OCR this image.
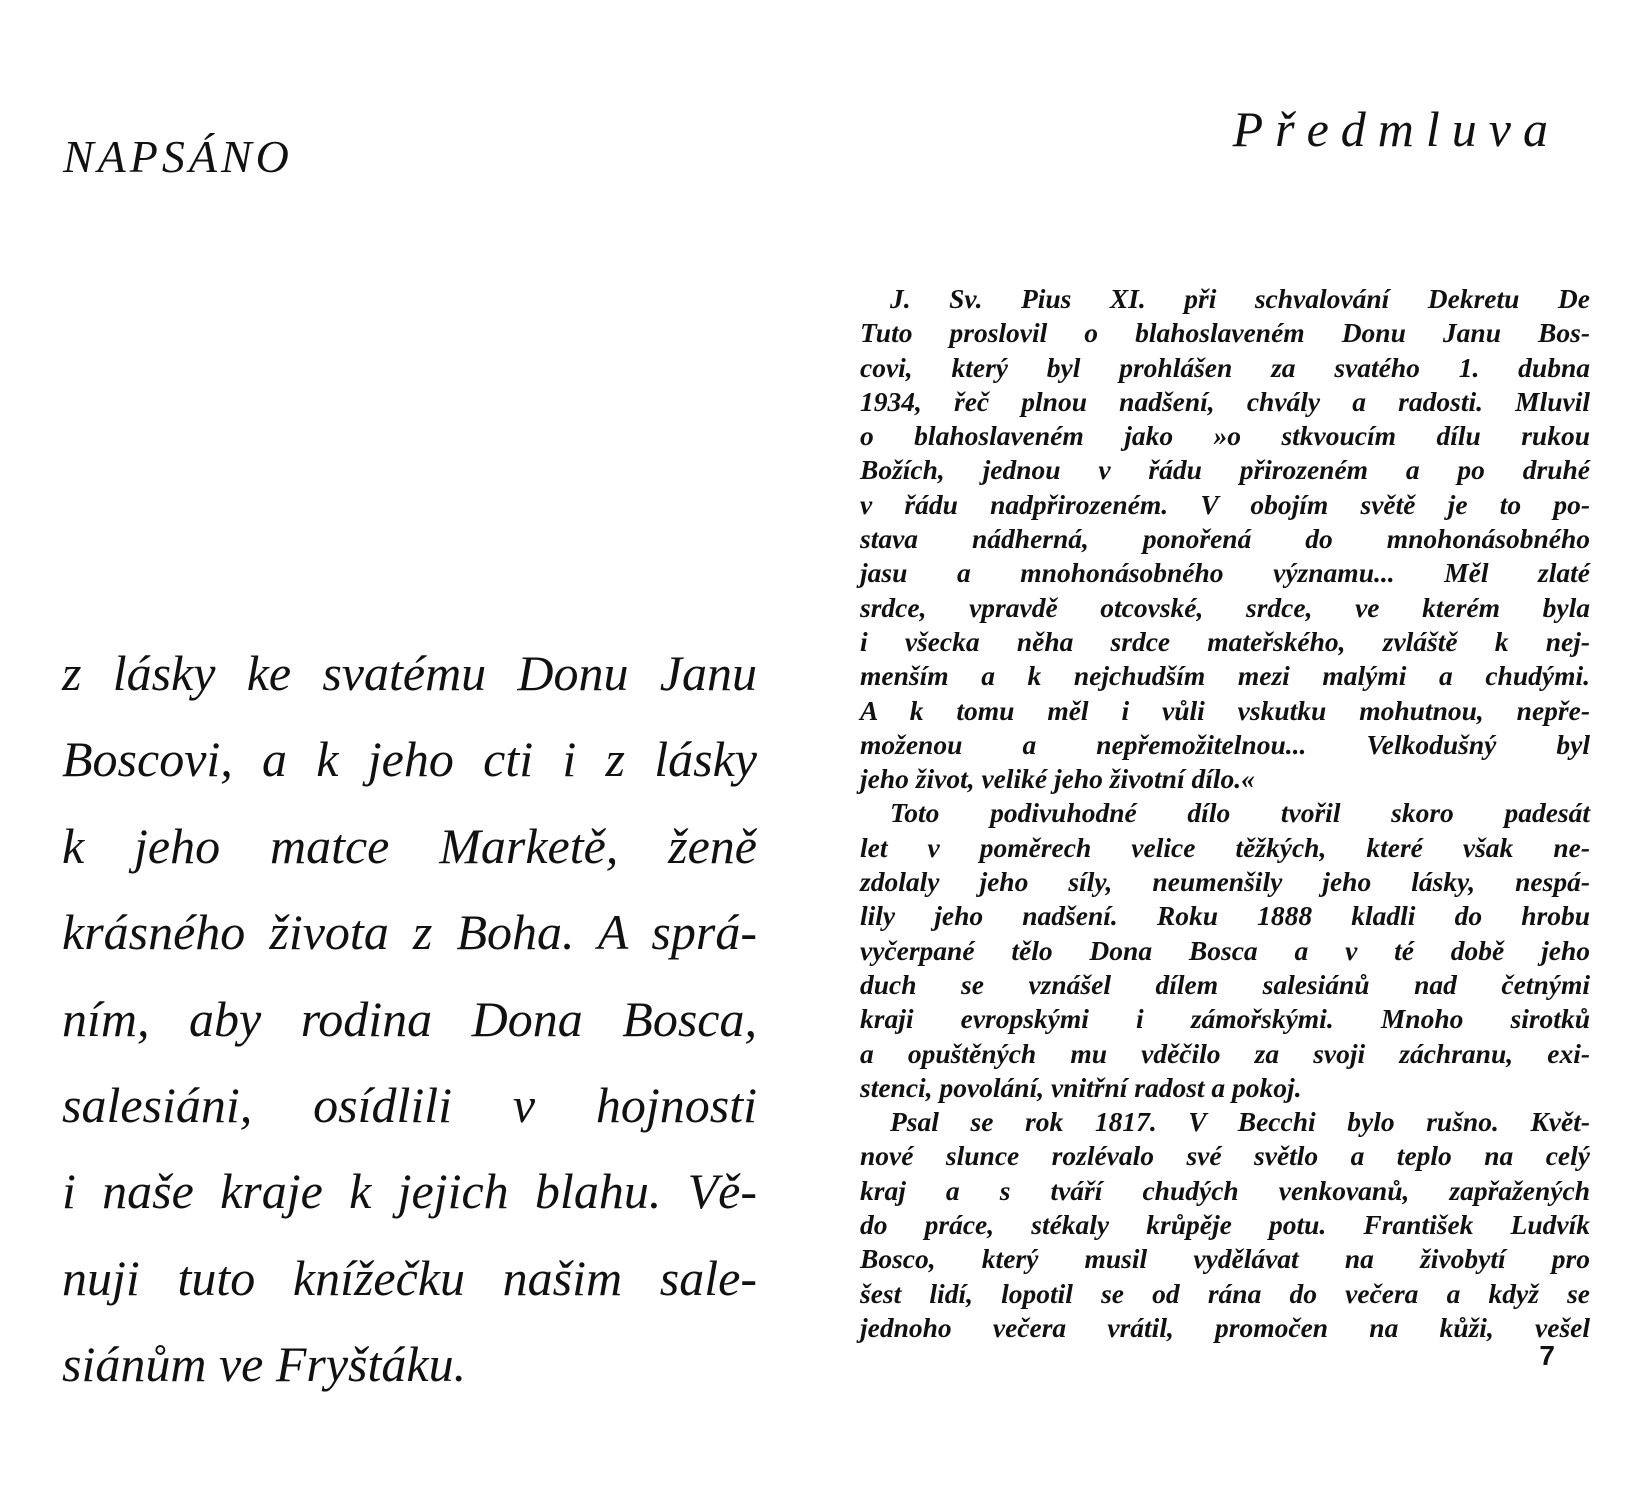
NAPSÁNO

z lásky ke svatému Donu Janu
Boscovi, a k jeho cti i z lásky
k jeho matce Marketě, ženě
krásného života z Boha. A sprá-
ním, aby rodina Dona Bosca,
salesiáni, osídlili v hojnosti
i naše kraje k jejich blahu. Vě-
nuji tuto knížečku našim sale-
siánům ve Fryštáku.

Předmluva
J. Sv. Pius XI. při schvalování Dekretu De
Tuto proslovil o blahoslaveném Donu Janu Bos-
covi, který byl prohlášen za svatého 1. dubna
1934, řeč plnou nadšení, chvály a radosti. Mluvil
o blahoslaveném jako »o stkvoucím dílu rukou
Božích, jednou v řádu přirozeném a po druhé
v řádu nadpřirozeném. V obojím světě je to po-
stava nádherná, ponořená do mnohonásobného
jasu a mnohonásobného významu... Měl zlaté
srdce, vpravdě otcovské, srdce, ve kterém byla
i všecka něha srdce mateřského, zvláště k nej-
menším a k nejchudším mezi malými a chudými.
A k tomu měl i vůli vskutku mohutnou, nepře-
moženou a nepřemožitelnou... Velkodušný byl
jeho život, veliké jeho životní dílo.«
Toto podivuhodné dílo tvořil skoro padesát
let v poměrech velice těžkých, které však ne-
zdolaly jeho síly, neumenšily jeho lásky, nespá-
lily jeho nadšení. Roku 1888 kladli do hrobu
vyčerpané tělo Dona Bosca a v té době jeho
duch se vznášel dílem salesiánů nad četnými
kraji evropskými i zámořskými. Mnoho sirotků
a opuštěných mu vděčilo za svoji záchranu, exi-
stenci, povolání, vnitřní radost a pokoj.
Psal se rok 1817. V Becchi bylo rušno. Květ-
nové slunce rozlévalo své světlo a teplo na celý
kraj a s tváří chudých venkovanů, zapřažených
do práce, stékaly krůpěje potu. František Ludvík
Bosco, který musil vydělávat na živobytí pro
šest lidí, lopotil se od rána do večera a když se
jednoho večera vrátil, promočen na kůži, vešel
7
